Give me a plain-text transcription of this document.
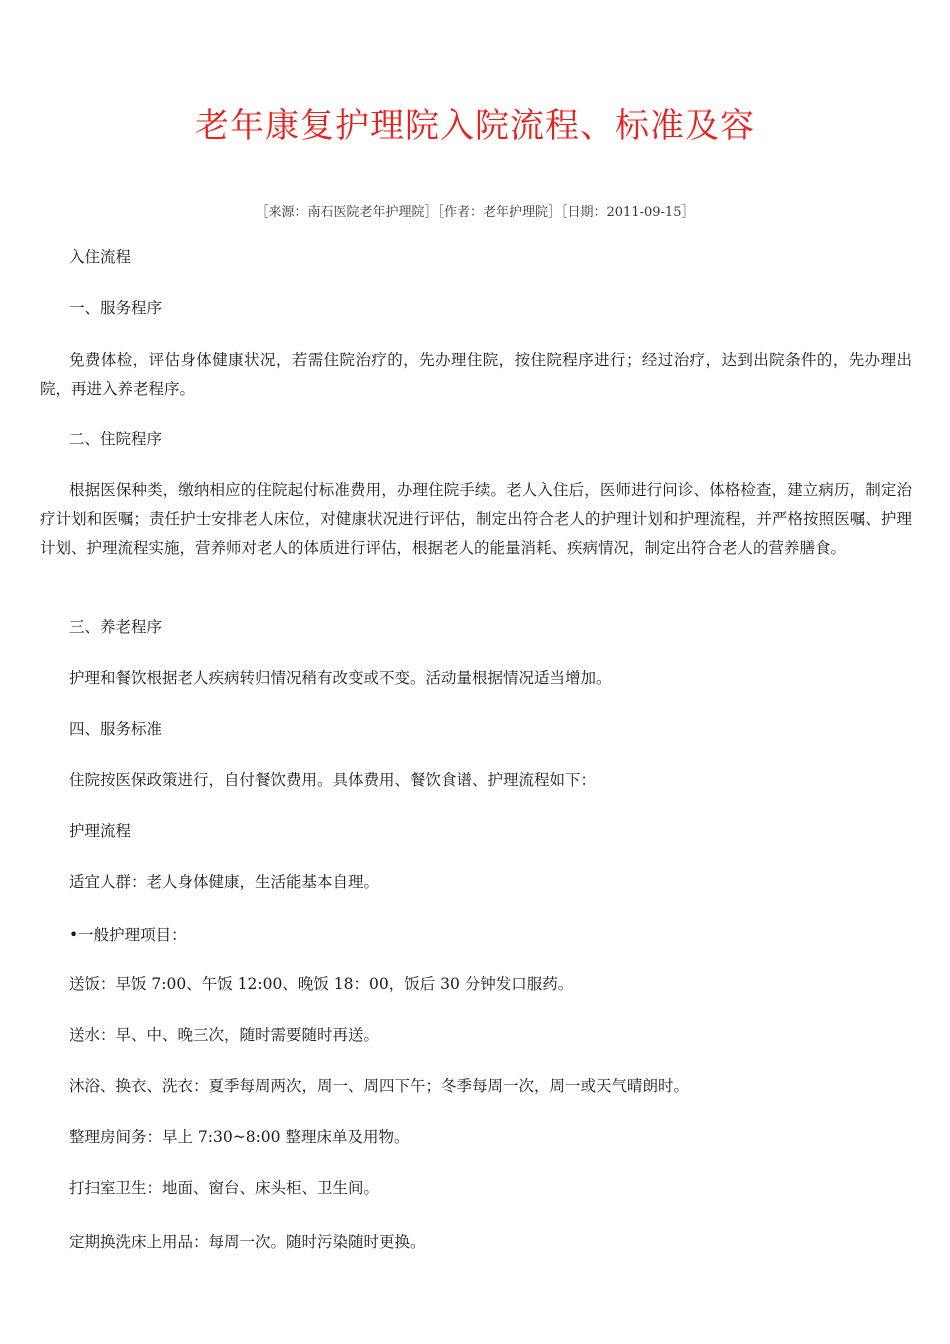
老年康复护理院入院流程、标准及容
［来源：南石医院老年护理院］［作者：老年护理院］［日期：2011-09-15］
入住流程
一、服务程序
免费体检，评估身体健康状况，若需住院治疗的，先办理住院，按住院程序进行；经过治疗，达到出院条件的，先办理出院，再进入养老程序。
二、住院程序
根据医保种类，缴纳相应的住院起付标准费用，办理住院手续。老人入住后，医师进行问诊、体格检查，建立病历，制定治疗计划和医嘱；责任护士安排老人床位，对健康状况进行评估，制定出符合老人的护理计划和护理流程，并严格按照医嘱、护理计划、护理流程实施，营养师对老人的体质进行评估，根据老人的能量消耗、疾病情况，制定出符合老人的营养膳食。
三、养老程序
护理和餐饮根据老人疾病转归情况稍有改变或不变。活动量根据情况适当增加。
四、服务标准
住院按医保政策进行，自付餐饮费用。具体费用、餐饮食谱、护理流程如下：
护理流程
适宜人群：老人身体健康，生活能基本自理。
•一般护理项目：
送饭：早饭 7:00、午饭 12:00、晚饭 18：00，饭后 30 分钟发口服药。
送水：早、中、晚三次，随时需要随时再送。
沐浴、换衣、洗衣：夏季每周两次，周一、周四下午；冬季每周一次，周一或天气晴朗时。
整理房间务：早上 7:30~8:00 整理床单及用物。
打扫室卫生：地面、窗台、床头柜、卫生间。
定期换洗床上用品：每周一次。随时污染随时更换。
